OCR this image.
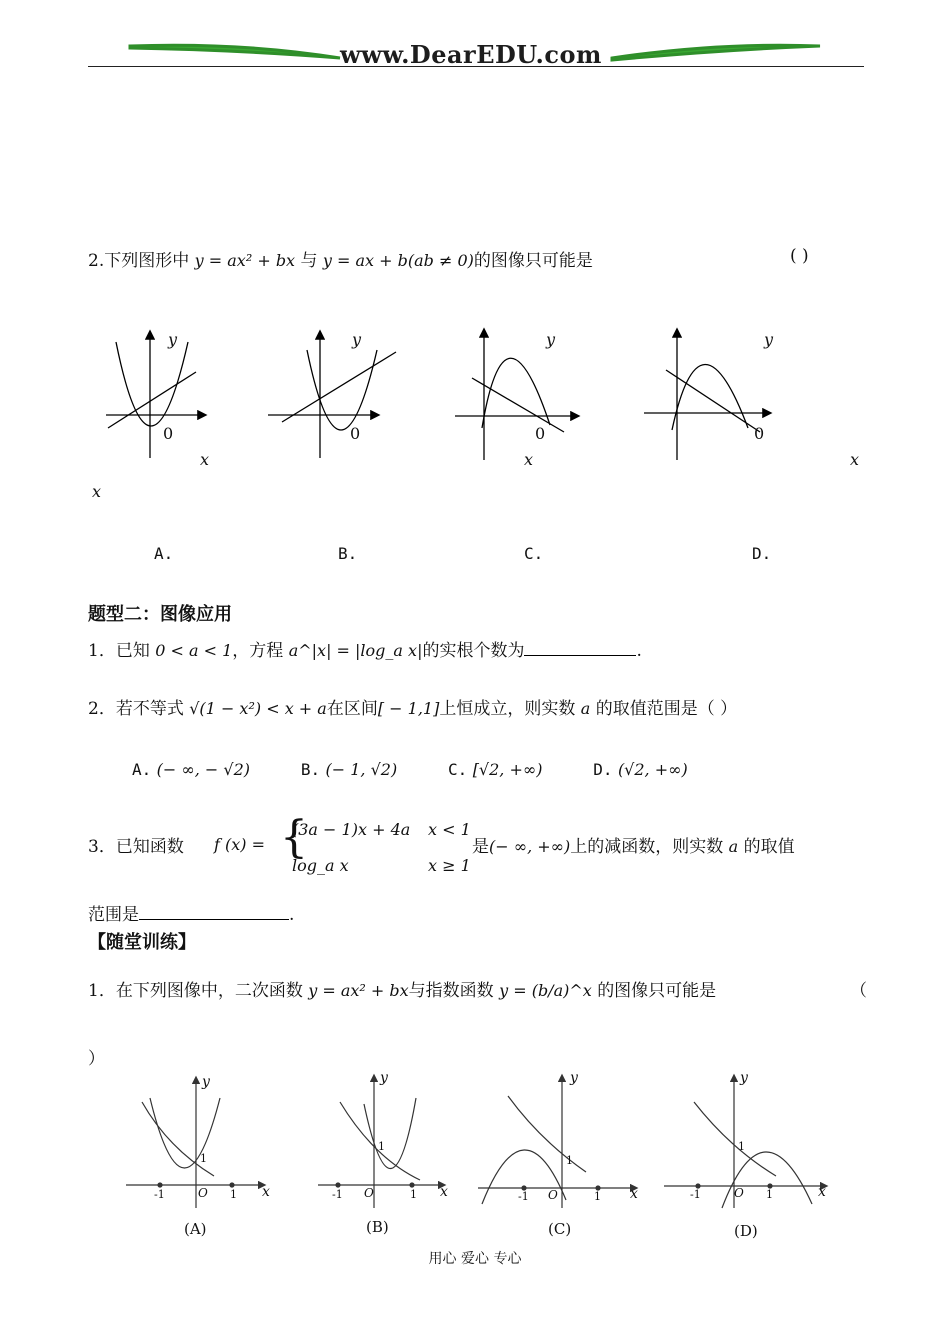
www.DearEDU.com
2.下列图形中 y = ax² + bx 与 y = ax + b(ab ≠ 0)的图像只可能是	( )
y
0
x
y
0
y
0
x
y
0
x
x
A.	B.	C.	D.
题型二：图像应用
1．已知 0 < a < 1，方程 a^|x| = |log_a x|的实根个数为	.
2．若不等式 √(1 − x²) < x + a在区间[ − 1,1]上恒成立，则实数 a 的取值范围是（ ）
A. (− ∞, − √2)	B. (− 1, √2)	C. [√2, +∞)	D. (√2, +∞)
3．已知函数 f (x) = {
(3a − 1)x + 4a x < 1
log_a x	x ≥ 1
是(− ∞, +∞)上的减函数，则实数 a 的取值
范围是	.
【随堂训练】
1．在下列图像中，二次函数 y = ax² + bx与指数函数 y = (b/a)^x 的图像只可能是	（
）
y
1
-1	O 1 x
y
1
-1 O	1 x
y
1
-1 O	1 x
y
1
-1	O 1	x
(A)	(B)	(C)	(D)
用心 爱心 专心
